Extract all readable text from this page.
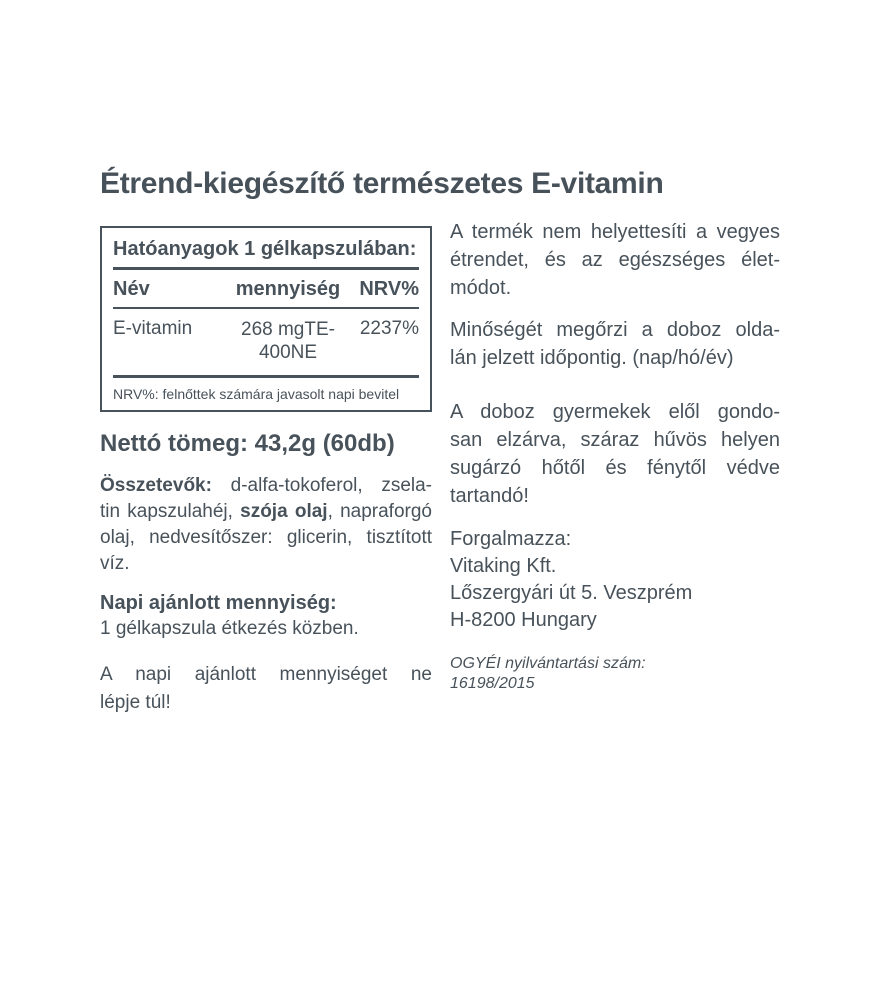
Étrend-kiegészítő természetes E-vitamin
Hatóanyagok 1 gélkapszulában:
Név	mennyiség NRV%
E-vitamin	268 mgTE-
400NE
2237%
NRV%: felnőttek számára javasolt napi bevitel
Nettó tömeg: 43,2g (60db)
Összetevők: d-alfa-tokoferol, zsela-
tin kapszulahéj, szója olaj, napraforgó
olaj, nedvesítőszer: glicerin, tisztított
víz.
Napi ajánlott mennyiség:
1 gélkapszula étkezés közben.
A napi ajánlott mennyiséget ne
lépje túl!
A termék nem helyettesíti a vegyes
étrendet, és az egészséges élet-
módot.
Minőségét megőrzi a doboz olda-
lán jelzett időpontig. (nap/hó/év)
A doboz gyermekek elől gondo-
san elzárva, száraz hűvös helyen
sugárzó hőtől és fénytől védve
tartandó!
Forgalmazza:
Vitaking Kft.
Lőszergyári út 5. Veszprém
H-8200 Hungary
OGYÉI nyilvántartási szám:
16198/2015
